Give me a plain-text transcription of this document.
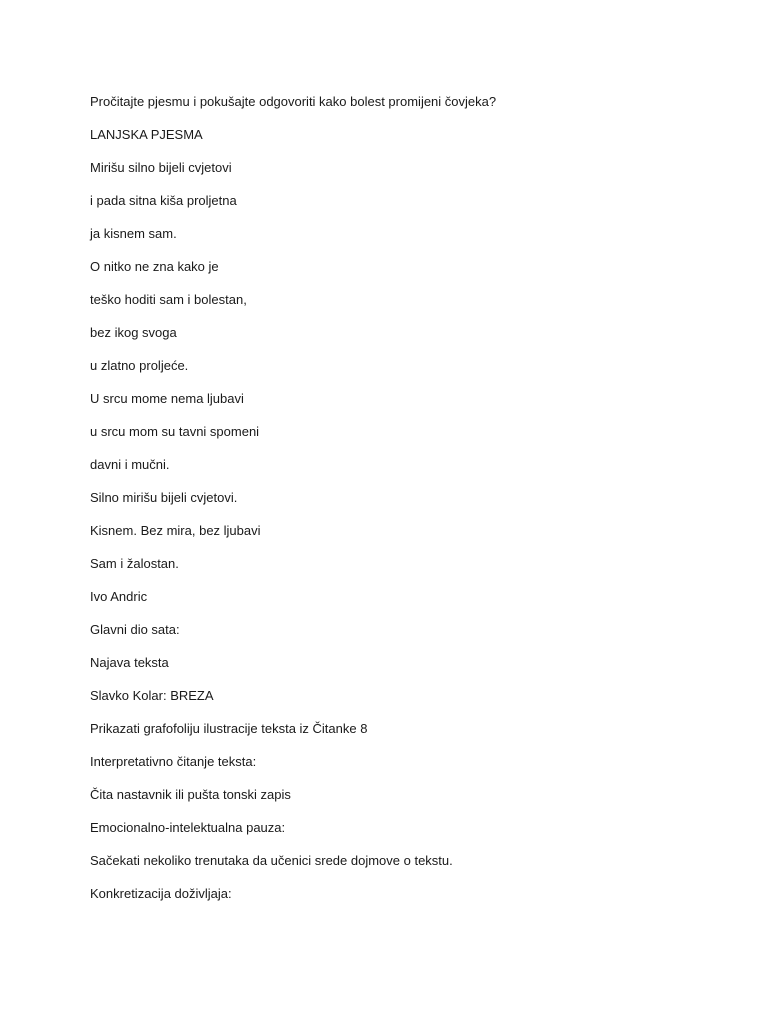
Pročitajte pjesmu i pokušajte odgovoriti kako bolest promijeni čovjeka?
LANJSKA PJESMA
Mirišu silno bijeli cvjetovi
i pada sitna kiša proljetna
ja kisnem sam.
O nitko ne zna kako je
teško hoditi sam i bolestan,
bez ikog svoga
u zlatno proljeće.
U srcu mome nema ljubavi
u srcu mom su tavni spomeni
davni i mučni.
Silno mirišu bijeli cvjetovi.
Kisnem. Bez mira, bez ljubavi
Sam i žalostan.
Ivo Andric
Glavni dio sata:
Najava teksta
Slavko Kolar: BREZA
Prikazati grafofoliju ilustracije teksta iz Čitanke 8
Interpretativno čitanje teksta:
Čita nastavnik ili pušta tonski zapis
Emocionalno-intelektualna pauza:
Sačekati nekoliko trenutaka da učenici srede dojmove o tekstu.
Konkretizacija doživljaja:
